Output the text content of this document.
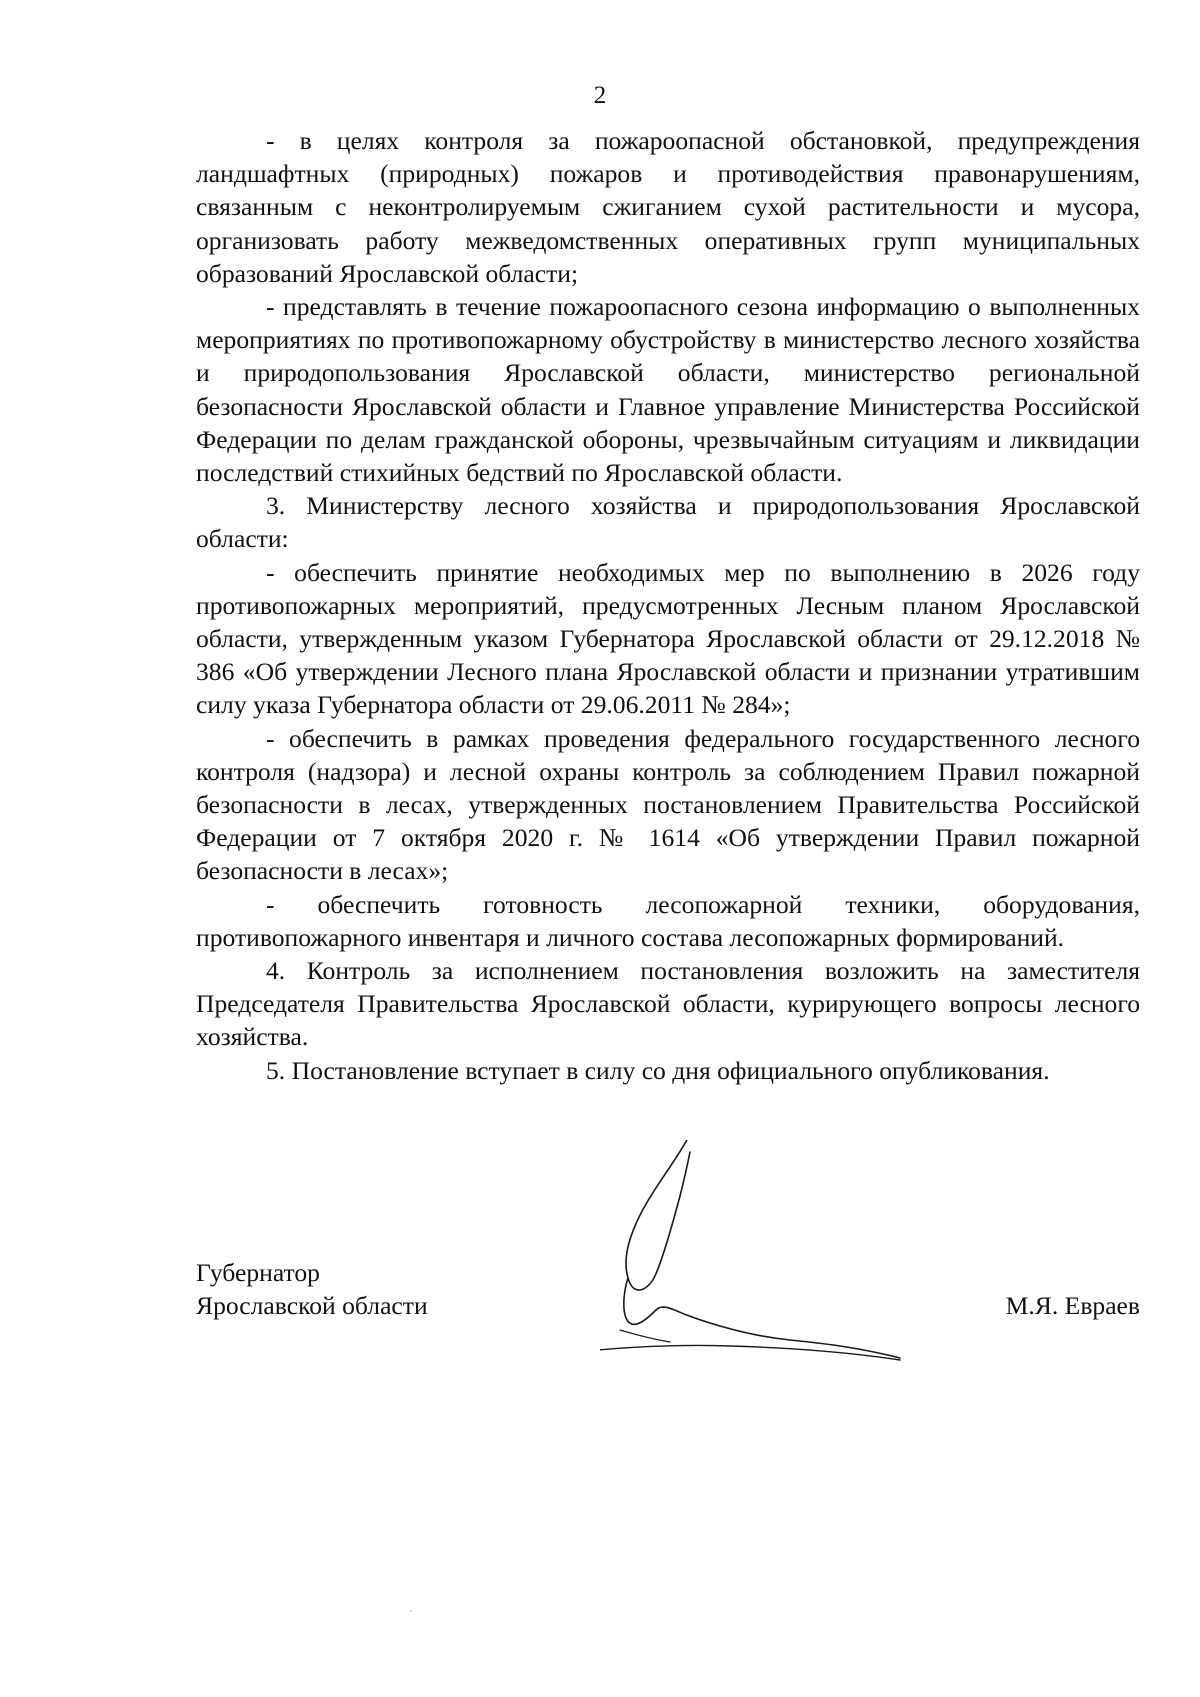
2

- в целях контроля за пожароопасной обстановкой, предупреждения ландшафтных (природных) пожаров и противодействия правонарушениям, связанным с неконтролируемым сжиганием сухой растительности и мусора, организовать работу межведомственных оперативных групп муниципальных образований Ярославской области;

- представлять в течение пожароопасного сезона информацию о выполненных мероприятиях по противопожарному обустройству в министерство лесного хозяйства и природопользования Ярославской области, министерство региональной безопасности Ярославской области и Главное управление Министерства Российской Федерации по делам гражданской обороны, чрезвычайным ситуациям и ликвидации последствий стихийных бедствий по Ярославской области.

3. Министерству лесного хозяйства и природопользования Ярославской области:

- обеспечить принятие необходимых мер по выполнению в 2026 году противопожарных мероприятий, предусмотренных Лесным планом Ярославской области, утвержденным указом Губернатора Ярославской области от 29.12.2018 № 386 «Об утверждении Лесного плана Ярославской области и признании утратившим силу указа Губернатора области от 29.06.2011 № 284»;

- обеспечить в рамках проведения федерального государственного лесного контроля (надзора) и лесной охраны контроль за соблюдением Правил пожарной безопасности в лесах, утвержденных постановлением Правительства Российской Федерации от 7 октября 2020 г. № 1614 «Об утверждении Правил пожарной безопасности в лесах»;

- обеспечить готовность лесопожарной техники, оборудования, противопожарного инвентаря и личного состава лесопожарных формирований.

4. Контроль за исполнением постановления возложить на заместителя Председателя Правительства Ярославской области, курирующего вопросы лесного хозяйства.

5. Постановление вступает в силу со дня официального опубликования.

Губернатор
Ярославской области	М.Я. Евраев
